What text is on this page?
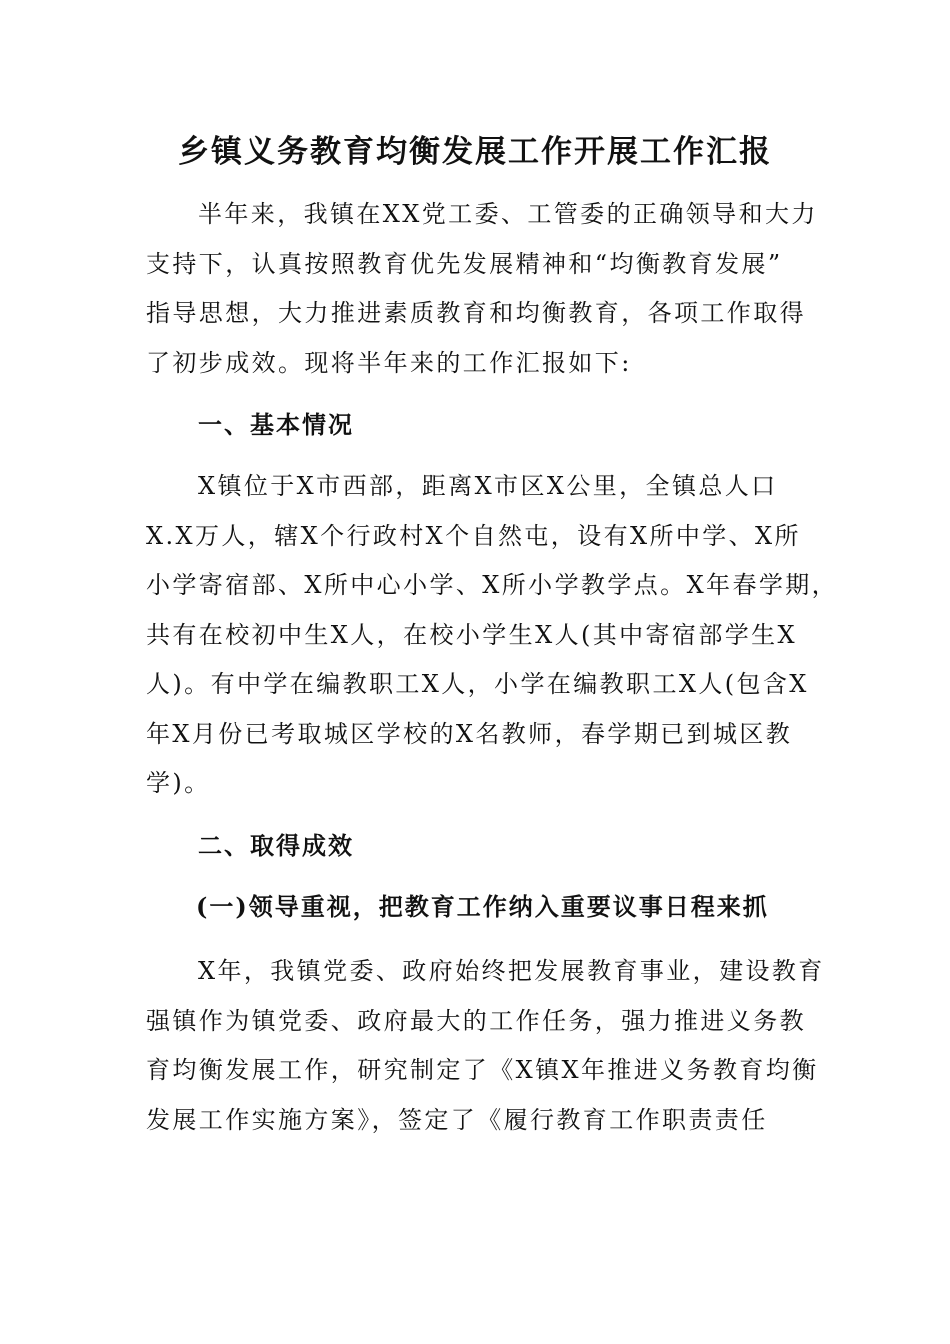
乡镇义务教育均衡发展工作开展工作汇报

半年来，我镇在XX党工委、工管委的正确领导和大力
支持下，认真按照教育优先发展精神和“均衡教育发展”
指导思想，大力推进素质教育和均衡教育，各项工作取得
了初步成效。现将半年来的工作汇报如下:

一、基本情况

X镇位于X市西部，距离X市区X公里，全镇总人口
X.X万人，辖X个行政村X个自然屯，设有X所中学、X所
小学寄宿部、X所中心小学、X所小学教学点。X年春学期，
共有在校初中生X人，在校小学生X人(其中寄宿部学生X
人)。有中学在编教职工X人，小学在编教职工X人(包含X
年X月份已考取城区学校的X名教师，春学期已到城区教
学)。

二、取得成效
(一)领导重视，把教育工作纳入重要议事日程来抓

X年，我镇党委、政府始终把发展教育事业，建设教育
强镇作为镇党委、政府最大的工作任务，强力推进义务教
育均衡发展工作，研究制定了《X镇X年推进义务教育均衡
发展工作实施方案》，签定了《履行教育工作职责责任
